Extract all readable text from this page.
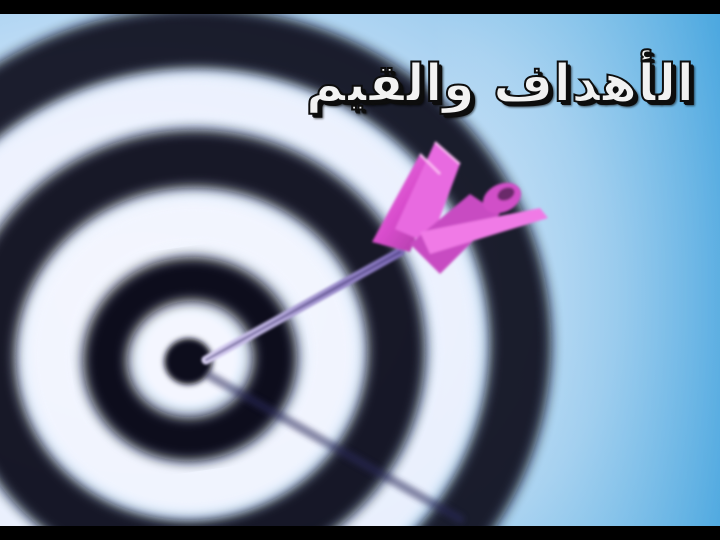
الأهداف والقيم
